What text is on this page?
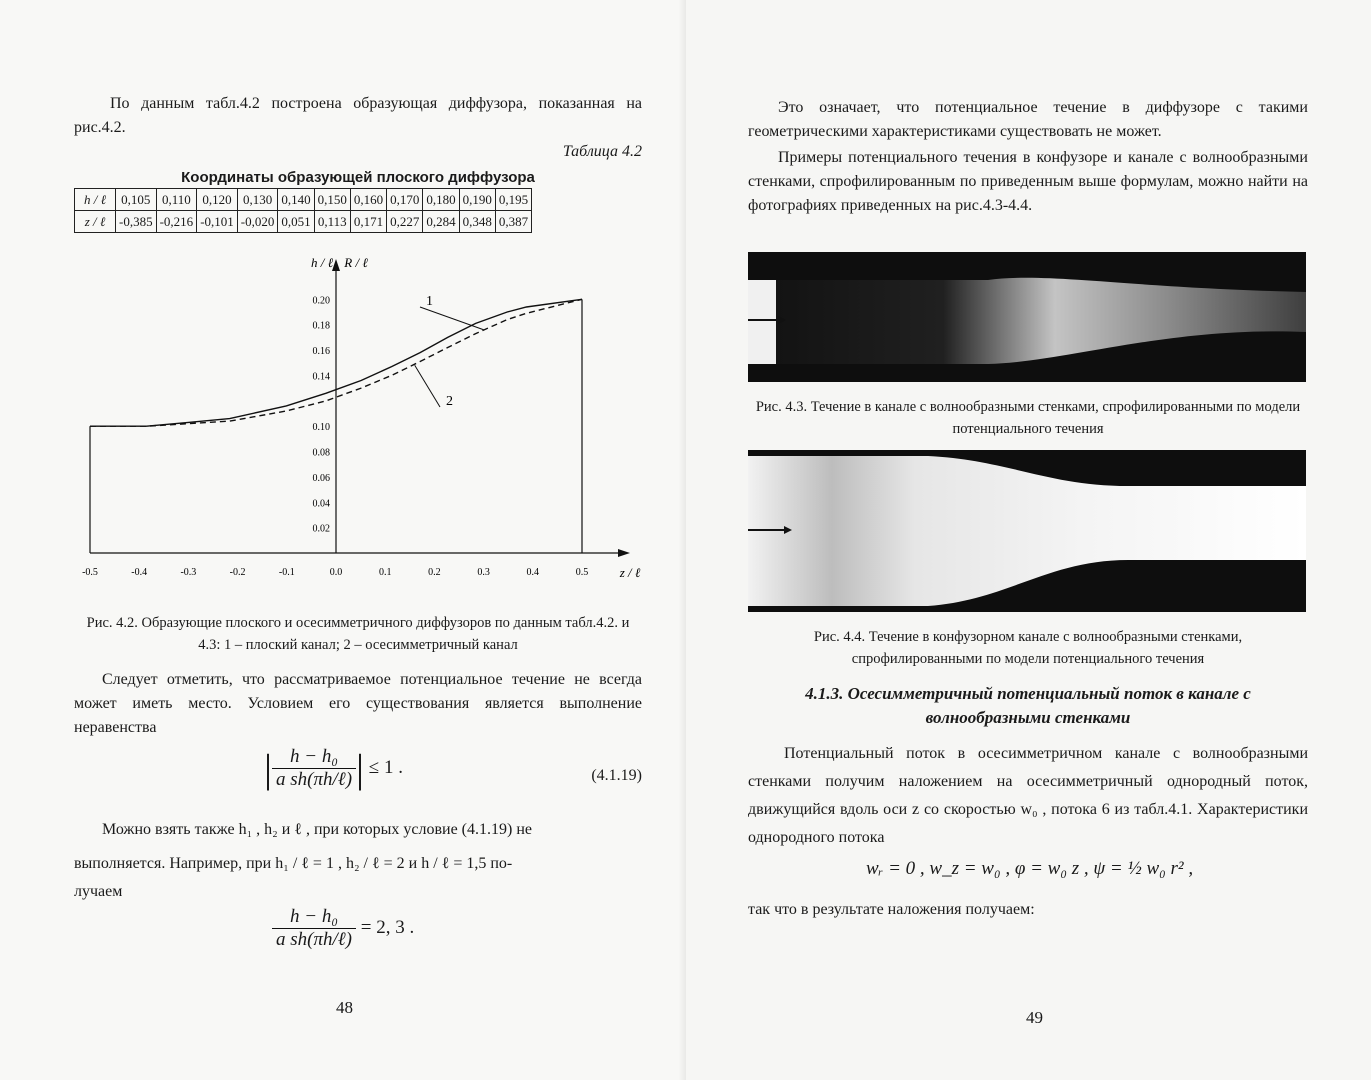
По данным табл.4.2 построена образующая диффузора, показанная на рис.4.2.
Таблица 4.2
Координаты образующей плоского диффузора
h / ℓ	0,105	0,110	0,120	0,130	0,140	0,150	0,160	0,170	0,180	0,190	0,195
z / ℓ	-0,385	-0,216	-0,101	-0,020	0,051	0,113	0,171	0,227	0,284	0,348	0,387
-0.5	-0.4	-0.3	-0.2	-0.1	0.0	0.1	0.2	0.3	0.4	0.5
0.02
0.04
0.06
0.08
0.10
0.14
0.16
0.18
0.20
h / ℓ R / ℓ
z / ℓ
1
2
Рис. 4.2. Образующие плоского и осесимметричного диффузоров по данным табл.4.2. и 4.3: 1 – плоский канал; 2 – осесимметричный канал
Следует отметить, что рассматриваемое потенциальное течение не всегда может иметь место. Условием его существования является выполнение неравенства
| $\frac{\text{h − h₀}}{\text{a sh(πh/ℓ)}}$ | ≤ 1 .	(4.1.19)
Можно взять также h₁ , h₂ и ℓ , при которых условие (4.1.19) не
выполняется. Например, при h₁ / ℓ = 1 , h₂ / ℓ = 2 и h / ℓ = 1,5 по-
лучаем
$\frac{\text{h − h₀}}{\text{a sh(πh/ℓ)}} = 2$, 3 .
48
Это означает, что потенциальное течение в диффузоре с такими геометрическими характеристиками существовать не может.
Примеры потенциального течения в конфузоре и канале с волнообразными стенками, спрофилированным по приведенным выше формулам, можно найти на фотографиях приведенных на рис.4.3-4.4.
Рис. 4.3. Течение в канале с волнообразными стенками, спрофилированными по модели потенциального течения
Рис. 4.4. Течение в конфузорном канале с волнообразными стенками, спрофилированными по модели потенциального течения
4.1.3. Осесимметричный потенциальный поток в канале с волнообразными стенками
Потенциальный поток в осесимметричном канале с волнообразными стенками получим наложением на осесимметричный однородный поток, движущийся вдоль оси z со скоростью w₀ , потока 6 из табл.4.1. Характеристики однородного потока
wᵣ = 0 , w_z = w₀ , φ = w₀ z , ψ = ½ w₀ r² ,
так что в результате наложения получаем:
49
